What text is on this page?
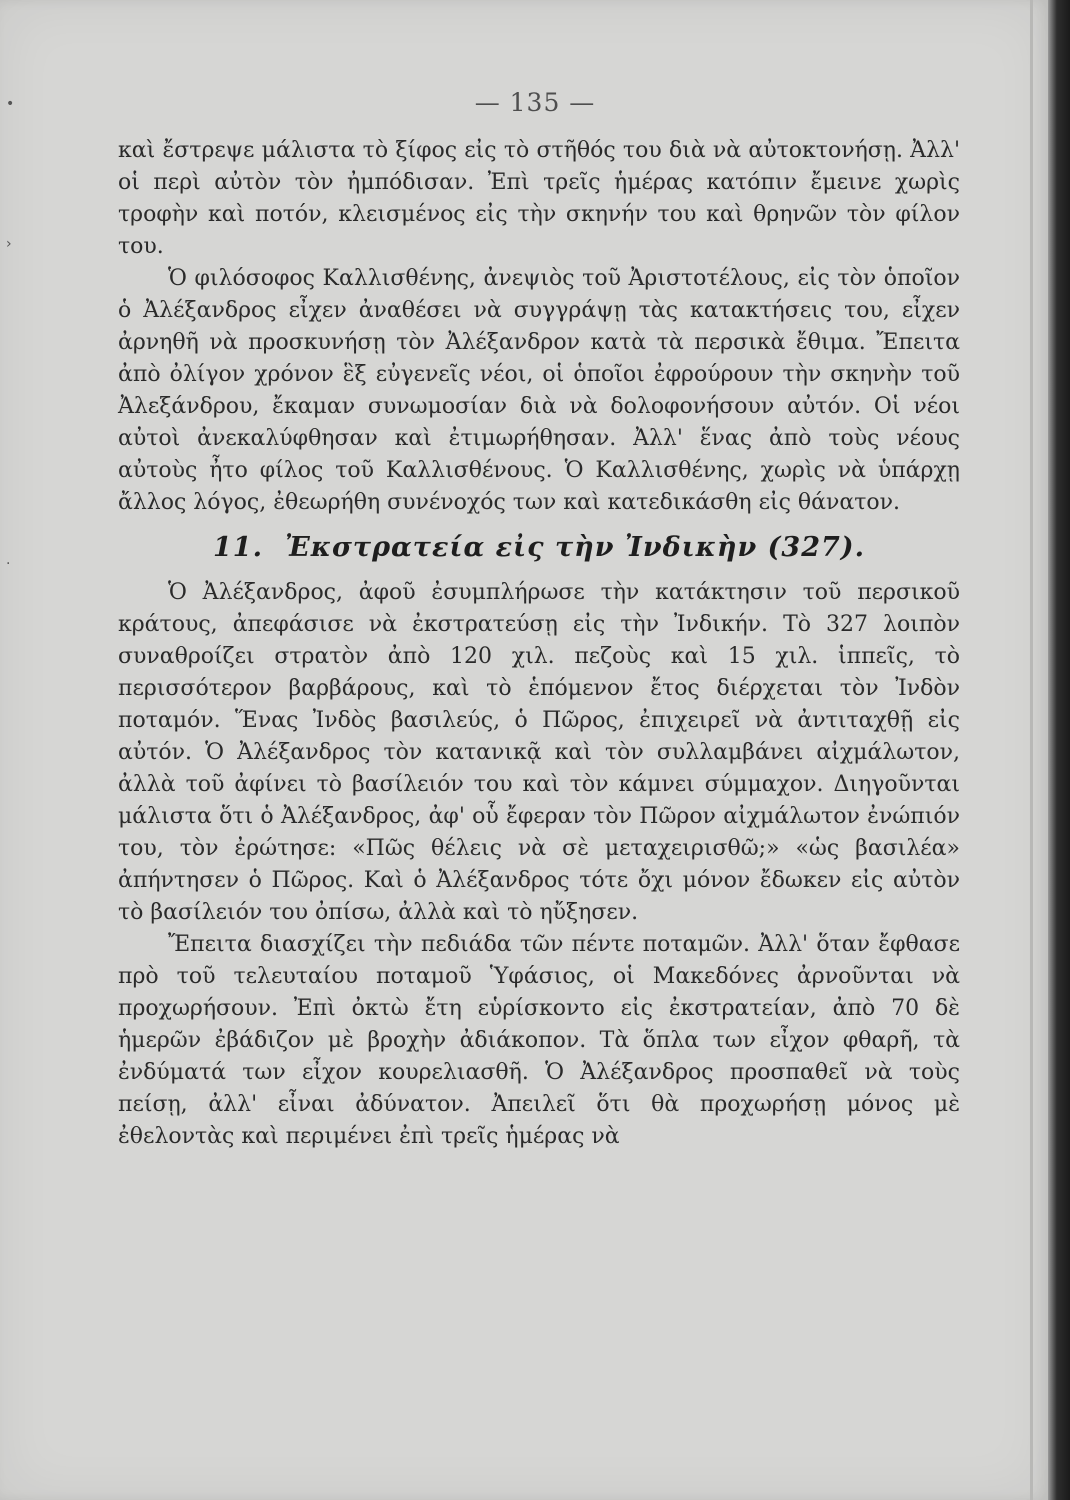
•
›
·
— 135 —

καὶ ἔστρεψε μάλιστα τὸ ξίφος εἰς τὸ στῆθός του διὰ νὰ αὐτοκτονήσῃ. Ἀλλ' οἱ περὶ αὐτὸν τὸν ἠμπόδισαν. Ἐπὶ τρεῖς ἡμέρας κατόπιν ἔμεινε χωρὶς τροφὴν καὶ ποτόν, κλεισμένος εἰς τὴν σκηνήν του καὶ θρηνῶν τὸν φίλον του.

Ὁ φιλόσοφος Καλλισθένης, ἀνεψιὸς τοῦ Ἀριστοτέλους, εἰς τὸν ὁποῖον ὁ Ἀλέξανδρος εἶχεν ἀναθέσει νὰ συγγράψῃ τὰς κατακτήσεις του, εἶχεν ἀρνηθῆ νὰ προσκυνήσῃ τὸν Ἀλέξανδρον κατὰ τὰ περσικὰ ἔθιμα. Ἔπειτα ἀπὸ ὀλίγον χρόνον ἓξ εὐγενεῖς νέοι, οἱ ὁποῖοι ἐφρούρουν τὴν σκηνὴν τοῦ Ἀλεξάνδρου, ἔκαμαν συνωμοσίαν διὰ νὰ δολοφονήσουν αὐτόν. Οἱ νέοι αὐτοὶ ἀνεκαλύφθησαν καὶ ἐτιμωρήθησαν. Ἀλλ' ἕνας ἀπὸ τοὺς νέους αὐτοὺς ἦτο φίλος τοῦ Καλλισθένους. Ὁ Καλλισθένης, χωρὶς νὰ ὑπάρχῃ ἄλλος λόγος, ἐθεωρήθη συνένοχός των καὶ κατεδικάσθη εἰς θάνατον.

11. Ἐκστρατεία εἰς τὴν Ἰνδικὴν (327).

Ὁ Ἀλέξανδρος, ἀφοῦ ἐσυμπλήρωσε τὴν κατάκτησιν τοῦ περσικοῦ κράτους, ἀπεφάσισε νὰ ἐκστρατεύσῃ εἰς τὴν Ἰνδικήν. Τὸ 327 λοιπὸν συναθροίζει στρατὸν ἀπὸ 120 χιλ. πεζοὺς καὶ 15 χιλ. ἱππεῖς, τὸ περισσότερον βαρβάρους, καὶ τὸ ἑπόμενον ἔτος διέρχεται τὸν Ἰνδὸν ποταμόν. Ἕνας Ἰνδὸς βασιλεύς, ὁ Πῶρος, ἐπιχειρεῖ νὰ ἀντιταχθῇ εἰς αὐτόν. Ὁ Ἀλέξανδρος τὸν κατανικᾷ καὶ τὸν συλλαμβάνει αἰχμάλωτον, ἀλλὰ τοῦ ἀφίνει τὸ βασίλειόν του καὶ τὸν κάμνει σύμμαχον. Διηγοῦνται μάλιστα ὅτι ὁ Ἀλέξανδρος, ἀφ' οὗ ἔφεραν τὸν Πῶρον αἰχμάλωτον ἐνώπιόν του, τὸν ἐρώτησε: «Πῶς θέλεις νὰ σὲ μεταχειρισθῶ;» «ὡς βασιλέα» ἀπήντησεν ὁ Πῶρος. Καὶ ὁ Ἀλέξανδρος τότε ὄχι μόνον ἔδωκεν εἰς αὐτὸν τὸ βασίλειόν του ὀπίσω, ἀλλὰ καὶ τὸ ηὔξησεν.

Ἔπειτα διασχίζει τὴν πεδιάδα τῶν πέντε ποταμῶν. Ἀλλ' ὅταν ἔφθασε πρὸ τοῦ τελευταίου ποταμοῦ Ὑφάσιος, οἱ Μακεδόνες ἀρνοῦνται νὰ προχωρήσουν. Ἐπὶ ὀκτὼ ἔτη εὑρίσκοντο εἰς ἐκστρατείαν, ἀπὸ 70 δὲ ἡμερῶν ἐβάδιζον μὲ βροχὴν ἀδιάκοπον. Τὰ ὅπλα των εἶχον φθαρῆ, τὰ ἐνδύματά των εἶχον κουρελιασθῆ. Ὁ Ἀλέξανδρος προσπαθεῖ νὰ τοὺς πείσῃ, ἀλλ' εἶναι ἀδύνατον. Ἀπειλεῖ ὅτι θὰ προχωρήσῃ μόνος μὲ ἐθελοντὰς καὶ περιμένει ἐπὶ τρεῖς ἡμέρας νὰ
